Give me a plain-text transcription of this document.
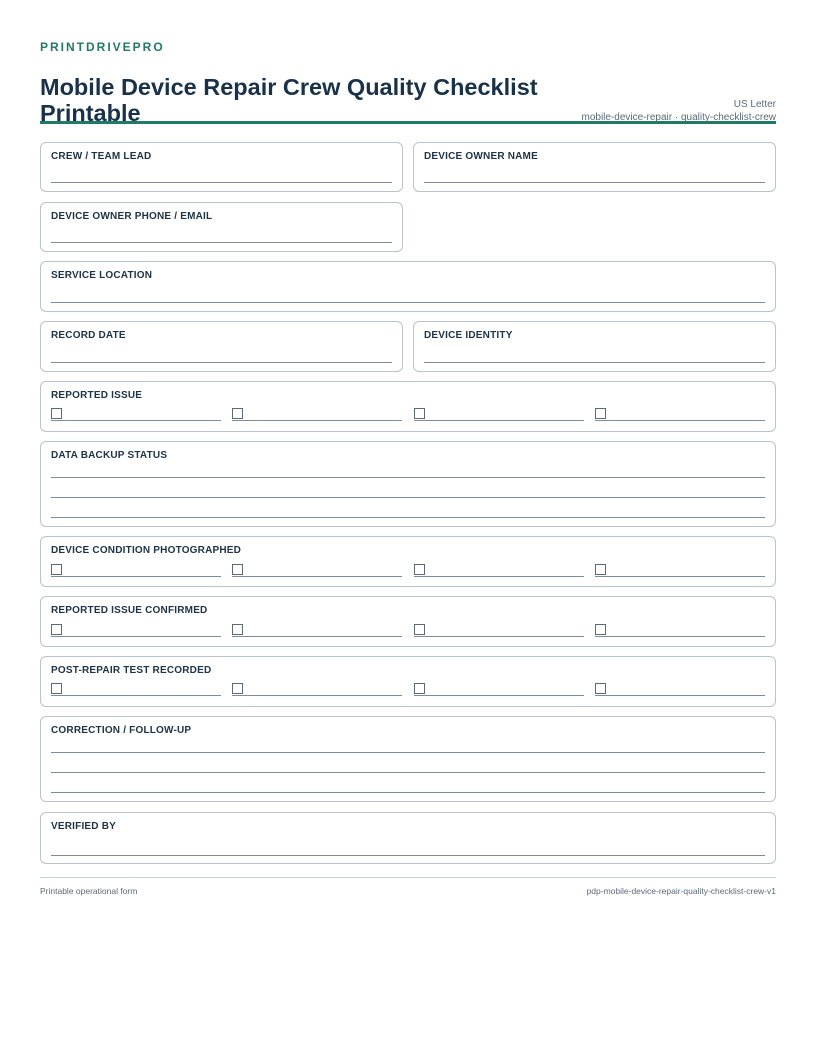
PRINTDRIVEPRO
Mobile Device Repair Crew Quality Checklist Printable	US Letter
mobile-device-repair · quality-checklist-crew
CREW / TEAM LEAD	DEVICE OWNER NAME
DEVICE OWNER PHONE / EMAIL
SERVICE LOCATION
RECORD DATE	DEVICE IDENTITY
REPORTED ISSUE
DATA BACKUP STATUS
DEVICE CONDITION PHOTOGRAPHED
REPORTED ISSUE CONFIRMED
POST-REPAIR TEST RECORDED
CORRECTION / FOLLOW-UP
VERIFIED BY
Printable operational form	pdp-mobile-device-repair-quality-checklist-crew-v1
